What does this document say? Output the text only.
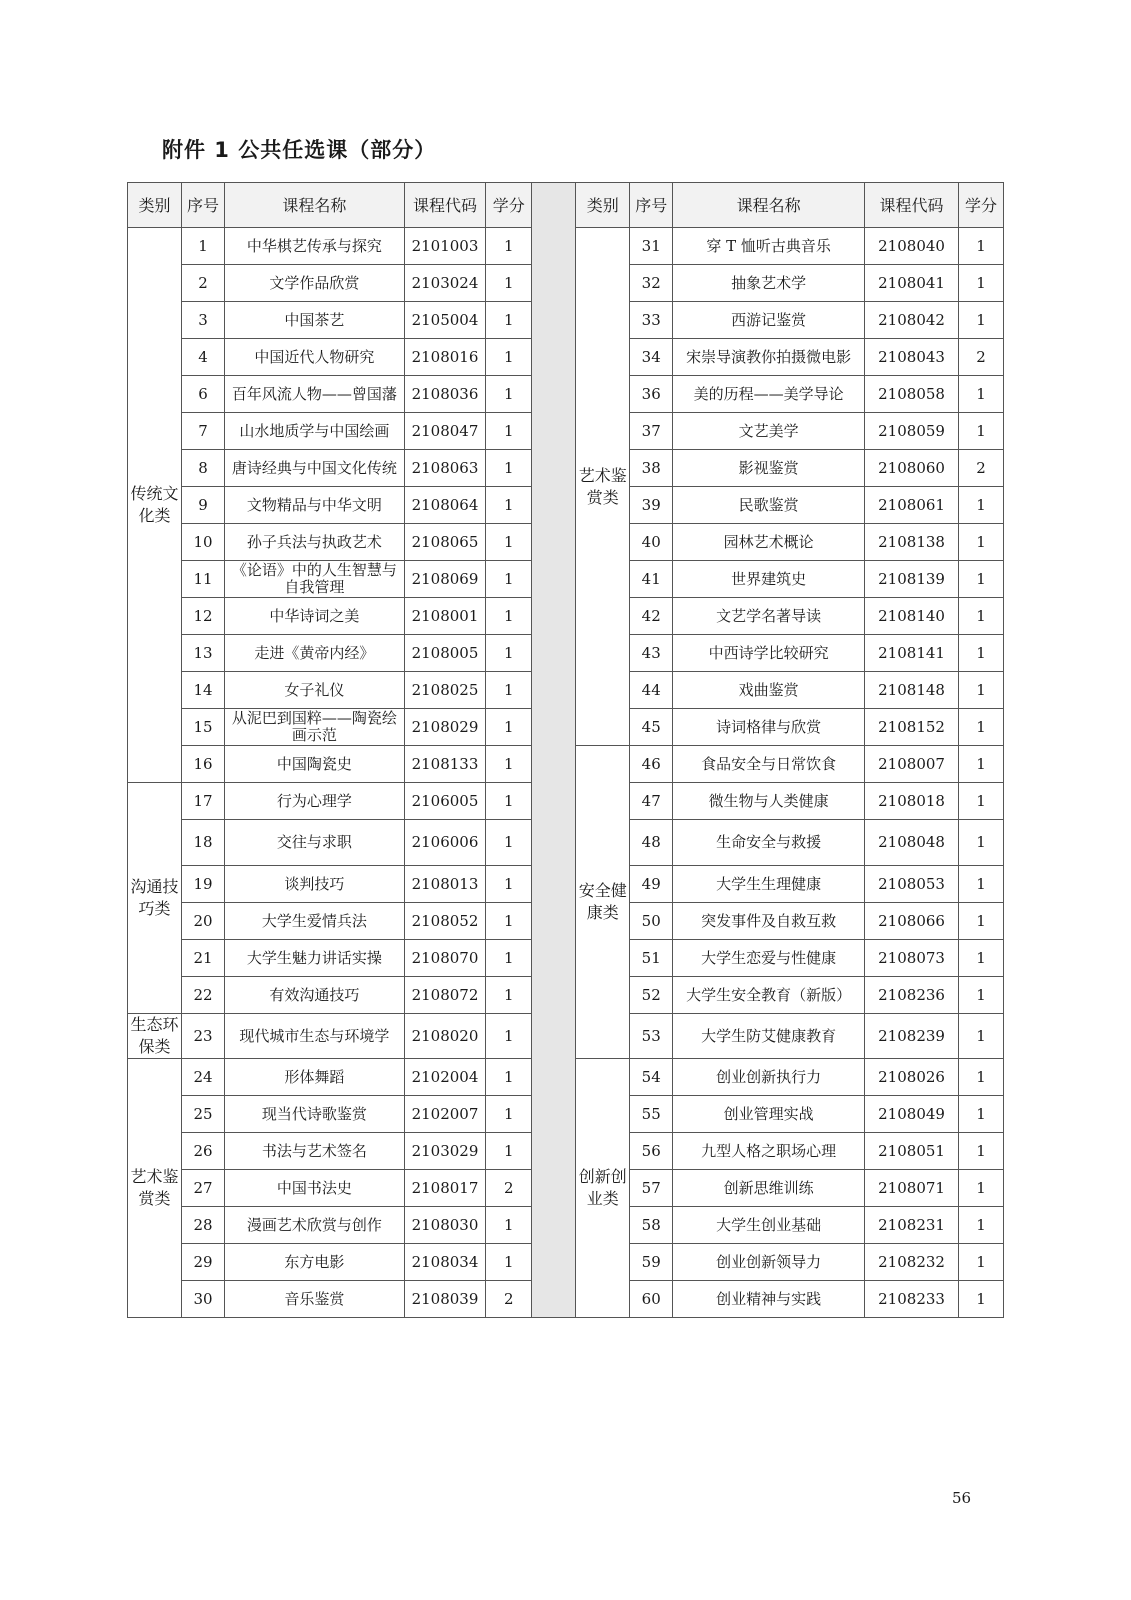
附件 1 公共任选课（部分）
类别	序号	课程名称	课程代码	学分		类别	序号	课程名称	课程代码	学分
传统文化类	1	中华棋艺传承与探究	2101003	1		艺术鉴赏类	31	穿 T 恤听古典音乐	2108040	1
	2	文学作品欣赏	2103024	1			32	抽象艺术学	2108041	1
	3	中国茶艺	2105004	1			33	西游记鉴赏	2108042	1
	4	中国近代人物研究	2108016	1			34	宋崇导演教你拍摄微电影	2108043	2
	6	百年风流人物——曾国藩	2108036	1			36	美的历程——美学导论	2108058	1
	7	山水地质学与中国绘画	2108047	1			37	文艺美学	2108059	1
	8	唐诗经典与中国文化传统	2108063	1			38	影视鉴赏	2108060	2
	9	文物精品与中华文明	2108064	1			39	民歌鉴赏	2108061	1
	10	孙子兵法与执政艺术	2108065	1			40	园林艺术概论	2108138	1
	11	《论语》中的人生智慧与自我管理	2108069	1			41	世界建筑史	2108139	1
	12	中华诗词之美	2108001	1			42	文艺学名著导读	2108140	1
	13	走进《黄帝内经》	2108005	1			43	中西诗学比较研究	2108141	1
	14	女子礼仪	2108025	1			44	戏曲鉴赏	2108148	1
	15	从泥巴到国粹——陶瓷绘画示范	2108029	1			45	诗词格律与欣赏	2108152	1
	16	中国陶瓷史	2108133	1		安全健康类	46	食品安全与日常饮食	2108007	1
沟通技巧类	17	行为心理学	2106005	1			47	微生物与人类健康	2108018	1
	18	交往与求职	2106006	1			48	生命安全与救援	2108048	1
	19	谈判技巧	2108013	1			49	大学生生理健康	2108053	1
	20	大学生爱情兵法	2108052	1			50	突发事件及自救互救	2108066	1
	21	大学生魅力讲话实操	2108070	1			51	大学生恋爱与性健康	2108073	1
	22	有效沟通技巧	2108072	1			52	大学生安全教育（新版）	2108236	1
生态环保类	23	现代城市生态与环境学	2108020	1			53	大学生防艾健康教育	2108239	1
艺术鉴赏类	24	形体舞蹈	2102004	1		创新创业类	54	创业创新执行力	2108026	1
	25	现当代诗歌鉴赏	2102007	1			55	创业管理实战	2108049	1
	26	书法与艺术签名	2103029	1			56	九型人格之职场心理	2108051	1
	27	中国书法史	2108017	2			57	创新思维训练	2108071	1
	28	漫画艺术欣赏与创作	2108030	1			58	大学生创业基础	2108231	1
	29	东方电影	2108034	1			59	创业创新领导力	2108232	1
	30	音乐鉴赏	2108039	2			60	创业精神与实践	2108233	1

56
